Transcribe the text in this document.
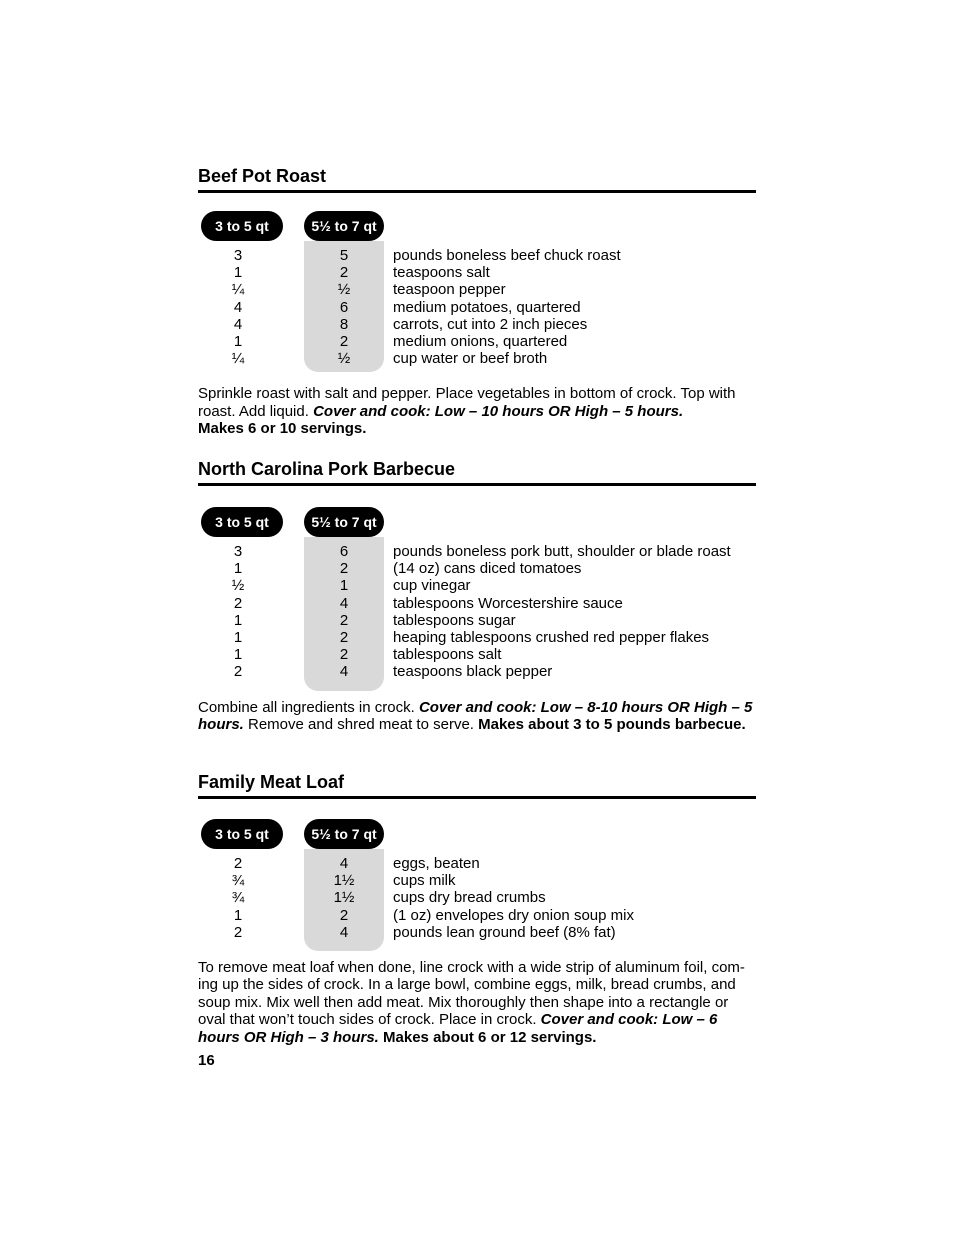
Beef Pot Roast
3 to 5 qt	5½ to 7 qt
3	5	pounds boneless beef chuck roast
1	2	teaspoons salt
¼	½	teaspoon pepper
4	6	medium potatoes, quartered
4	8	carrots, cut into 2 inch pieces
1	2	medium onions, quartered
¼	½	cup water or beef broth

Sprinkle roast with salt and pepper. Place vegetables in bottom of crock. Top with roast. Add liquid. Cover and cook: Low – 10 hours OR High – 5 hours.
Makes 6 or 10 servings.

North Carolina Pork Barbecue
3 to 5 qt	5½ to 7 qt
3	6	pounds boneless pork butt, shoulder or blade roast
1	2	(14 oz) cans diced tomatoes
½	1	cup vinegar
2	4	tablespoons Worcestershire sauce
1	2	tablespoons sugar
1	2	heaping tablespoons crushed red pepper flakes
1	2	tablespoons salt
2	4	teaspoons black pepper

Combine all ingredients in crock. Cover and cook: Low – 8-10 hours OR High – 5 hours. Remove and shred meat to serve. Makes about 3 to 5 pounds barbecue.

Family Meat Loaf
3 to 5 qt	5½ to 7 qt
2	4	eggs, beaten
¾	1½	cups milk
¾	1½	cups dry bread crumbs
1	2	(1 oz) envelopes dry onion soup mix
2	4	pounds lean ground beef (8% fat)

To remove meat loaf when done, line crock with a wide strip of aluminum foil, com-ing up the sides of crock. In a large bowl, combine eggs, milk, bread crumbs, and soup mix. Mix well then add meat. Mix thoroughly then shape into a rectangle or oval that won’t touch sides of crock. Place in crock. Cover and cook: Low – 6 hours OR High – 3 hours. Makes about 6 or 12 servings.

16
